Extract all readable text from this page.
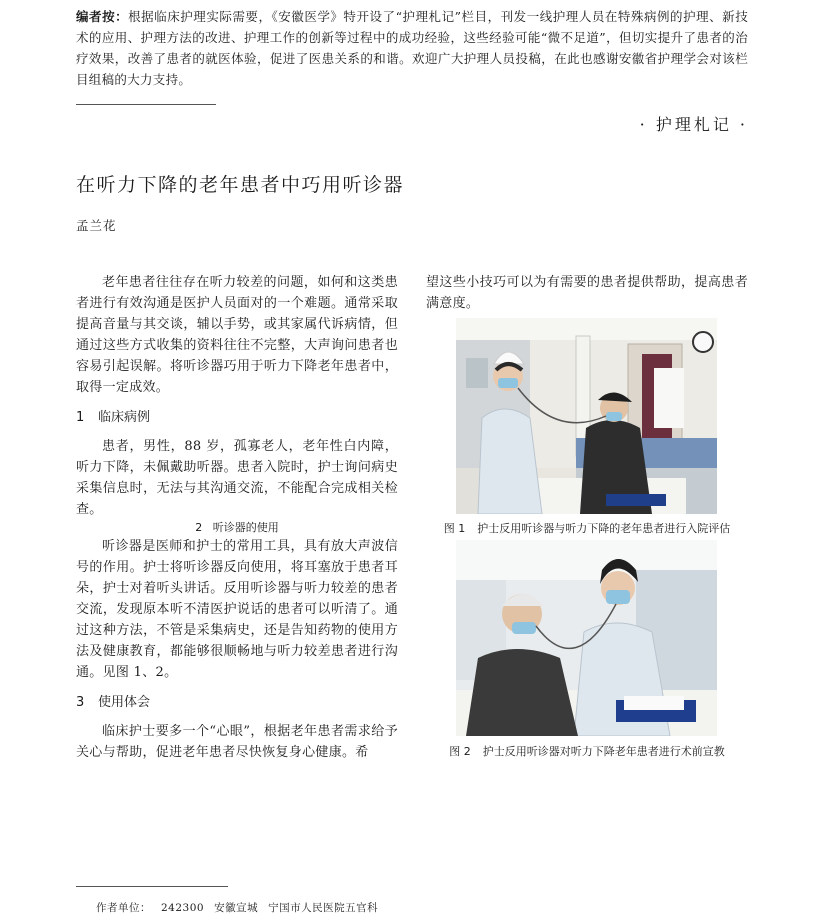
编者按：根据临床护理实际需要，《安徽医学》特开设了“护理札记”栏目，刊发一线护理人员在特殊病例的护理、新技术的应用、护理方法的改进、护理工作的创新等过程中的成功经验，这些经验可能“微不足道”，但切实提升了患者的治疗效果，改善了患者的就医体验，促进了医患关系的和谐。欢迎广大护理人员投稿，在此也感谢安徽省护理学会对该栏目组稿的大力支持。
· 护理札记 ·
在听力下降的老年患者中巧用听诊器
孟兰花

老年患者往往存在听力较差的问题，如何和这类患者进行有效沟通是医护人员面对的一个难题。通常采取提高音量与其交谈，辅以手势，或其家属代诉病情，但通过这些方式收集的资料往往不完整，大声询问患者也容易引起误解。将听诊器巧用于听力下降老年患者中，取得一定成效。

1 临床病例

患者，男性，88 岁，孤寡老人，老年性白内障，听力下降，未佩戴助听器。患者入院时，护士询问病史采集信息时，无法与其沟通交流，不能配合完成相关检查。

2 听诊器的使用

听诊器是医师和护士的常用工具，具有放大声波信号的作用。护士将听诊器反向使用，将耳塞放于患者耳朵，护士对着听头讲话。反用听诊器与听力较差的患者交流，发现原本听不清医护说话的患者可以听清了。通过这种方法，不管是采集病史，还是告知药物的使用方法及健康教育，都能够很顺畅地与听力较差患者进行沟通。见图 1、2。

3 使用体会

临床护士要多一个“心眼”，根据老年患者需求给予关心与帮助，促进老年患者尽快恢复身心健康。希

望这些小技巧可以为有需要的患者提供帮助，提高患者满意度。

图 1 护士反用听诊器与听力下降的老年患者进行入院评估
图 2 护士反用听诊器对听力下降老年患者进行术前宣教
作者单位： 242300 安徽宣城 宁国市人民医院五官科
